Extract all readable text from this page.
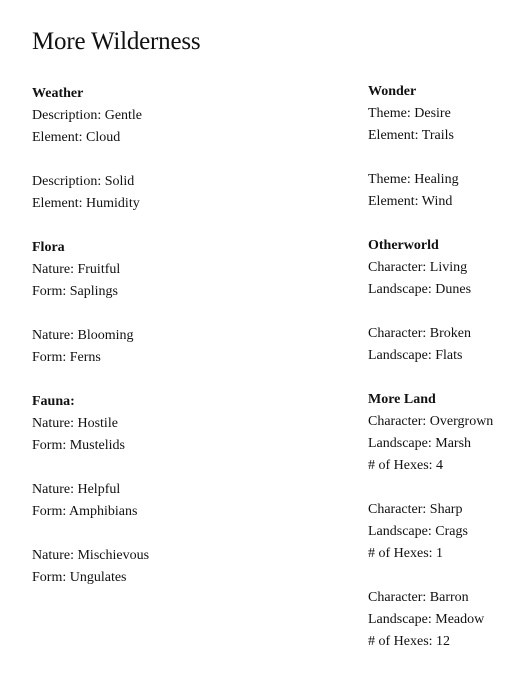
More Wilderness
Weather
Description: Gentle
Element: Cloud
Description: Solid
Element: Humidity
Flora
Nature: Fruitful
Form: Saplings
Nature: Blooming
Form: Ferns
Fauna:
Nature: Hostile
Form: Mustelids
Nature: Helpful
Form: Amphibians
Nature: Mischievous
Form: Ungulates
Wonder
Theme: Desire
Element: Trails
Theme: Healing
Element: Wind
Otherworld
Character: Living
Landscape: Dunes
Character: Broken
Landscape: Flats
More Land
Character: Overgrown
Landscape: Marsh
# of Hexes: 4
Character: Sharp
Landscape: Crags
# of Hexes: 1
Character: Barron
Landscape: Meadow
# of Hexes: 12
